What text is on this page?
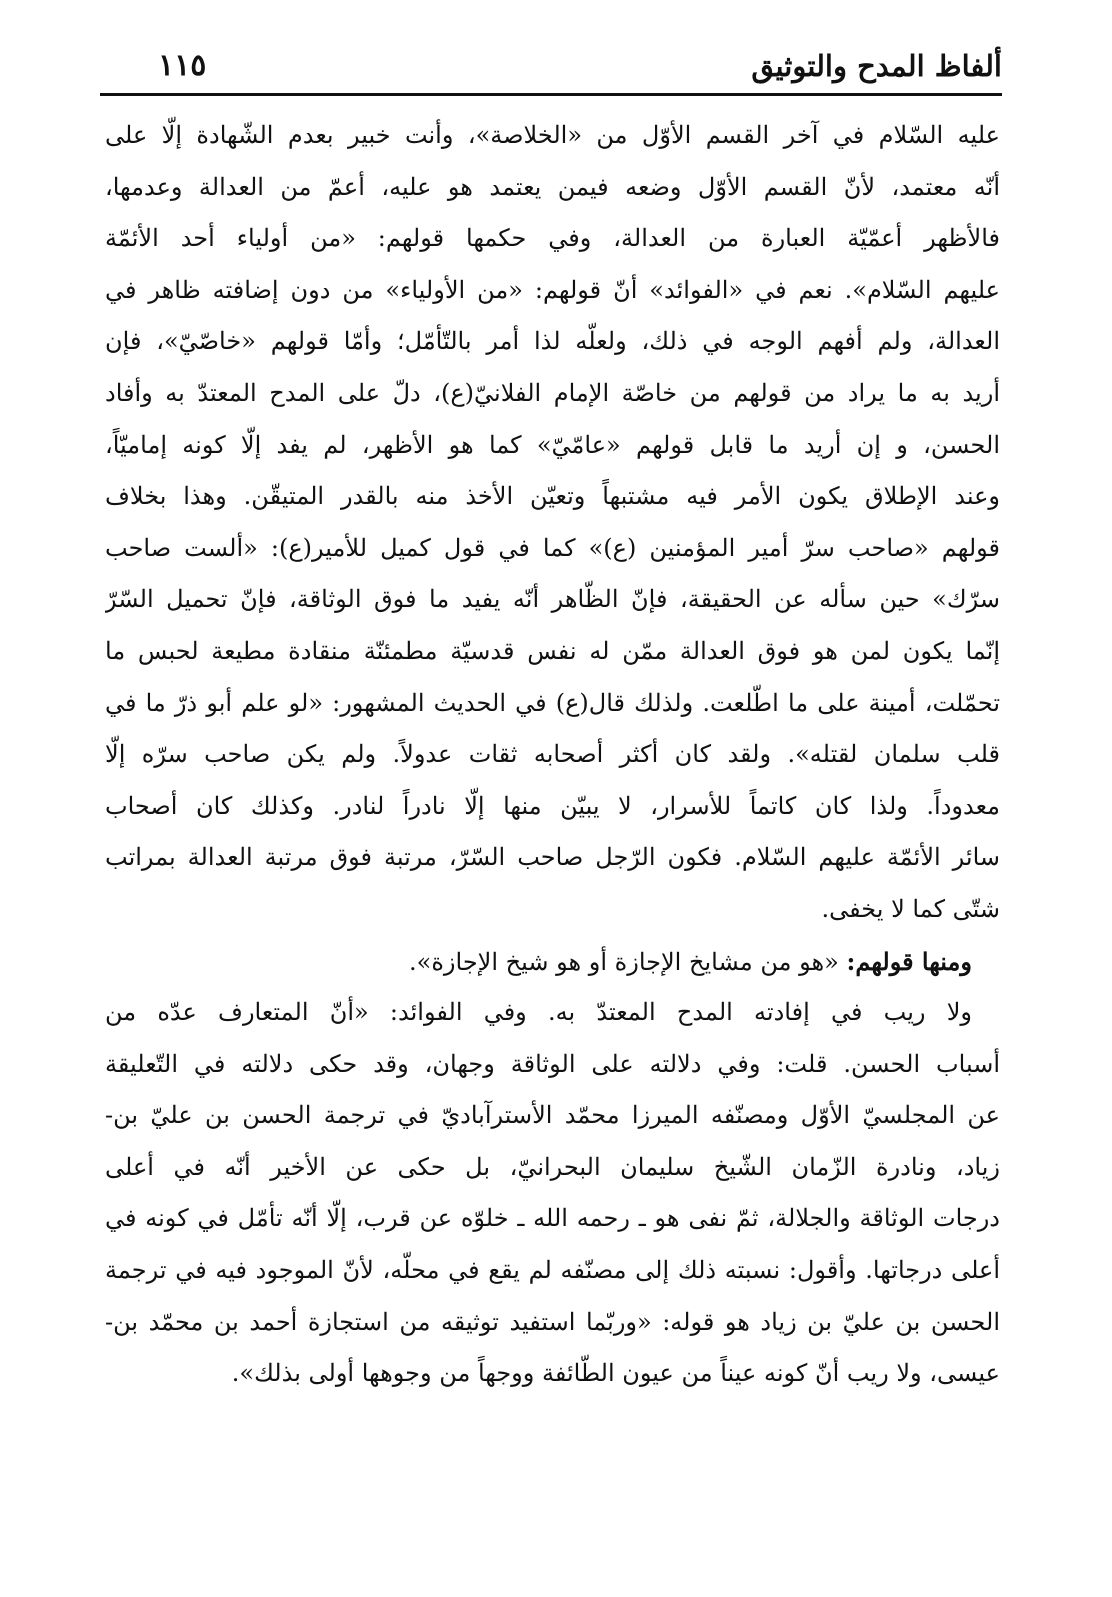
ألفاظ المدح والتوثيق
١١٥
عليه السّلام في آخر القسم الأوّل من «الخلاصة»، وأنت خبير بعدم الشّهادة إلّا على
أنّه معتمد، لأنّ القسم الأوّل وضعه فيمن يعتمد هو عليه، أعمّ من العدالة وعدمها،
فالأظهر أعمّيّة العبارة من العدالة، وفي حكمها قولهم: «من أولياء أحد الأئمّة
عليهم السّلام». نعم في «الفوائد» أنّ قولهم: «من الأولياء» من دون إضافته ظاهر في
العدالة، ولم أفهم الوجه في ذلك، ولعلّه لذا أمر بالتّأمّل؛ وأمّا قولهم «خاصّيّ»، فإن
أريد به ما يراد من قولهم من خاصّة الإمام الفلانيّ(ع)، دلّ على المدح المعتدّ به وأفاد
الحسن، و إن أريد ما قابل قولهم «عامّيّ» كما هو الأظهر، لم يفد إلّا كونه إماميّاً،
وعند الإطلاق يكون الأمر فيه مشتبهاً وتعيّن الأخذ منه بالقدر المتيقّن. وهذا بخلاف
قولهم «صاحب سرّ أمير المؤمنين (ع)» كما في قول كميل للأمير(ع): «ألست صاحب
سرّك» حين سأله عن الحقيقة، فإنّ الظّاهر أنّه يفيد ما فوق الوثاقة، فإنّ تحميل السّرّ
إنّما يكون لمن هو فوق العدالة ممّن له نفس قدسيّة مطمئنّة منقادة مطيعة لحبس ما
تحمّلت، أمينة على ما اطّلعت. ولذلك قال(ع) في الحديث المشهور: «لو علم أبو ذرّ ما في
قلب سلمان لقتله». ولقد كان أكثر أصحابه ثقات عدولاً. ولم يكن صاحب سرّه إلّا
معدوداً. ولذا كان كاتماً للأسرار، لا يبيّن منها إلّا نادراً لنادر. وكذلك كان أصحاب
سائر الأئمّة عليهم السّلام. فكون الرّجل صاحب السّرّ، مرتبة فوق مرتبة العدالة بمراتب
شتّى كما لا يخفى.
ومنها قولهم: «هو من مشايخ الإجازة أو هو شيخ الإجازة».
ولا ريب في إفادته المدح المعتدّ به. وفي الفوائد: «أنّ المتعارف عدّه من
أسباب الحسن. قلت: وفي دلالته على الوثاقة وجهان، وقد حكى دلالته في التّعليقة
عن المجلسيّ الأوّل ومصنّفه الميرزا محمّد الأسترآباديّ في ترجمة الحسن بن عليّ بن-
زياد، ونادرة الزّمان الشّيخ سليمان البحرانيّ، بل حكى عن الأخير أنّه في أعلى
درجات الوثاقة والجلالة، ثمّ نفى هو ـ رحمه الله ـ خلوّه عن قرب، إلّا أنّه تأمّل في كونه في
أعلى درجاتها. وأقول: نسبته ذلك إلى مصنّفه لم يقع في محلّه، لأنّ الموجود فيه في ترجمة
الحسن بن عليّ بن زياد هو قوله: «وربّما استفيد توثيقه من استجازة أحمد بن محمّد بن-
عيسى، ولا ريب أنّ كونه عيناً من عيون الطّائفة ووجهاً من وجوهها أولى بذلك».
